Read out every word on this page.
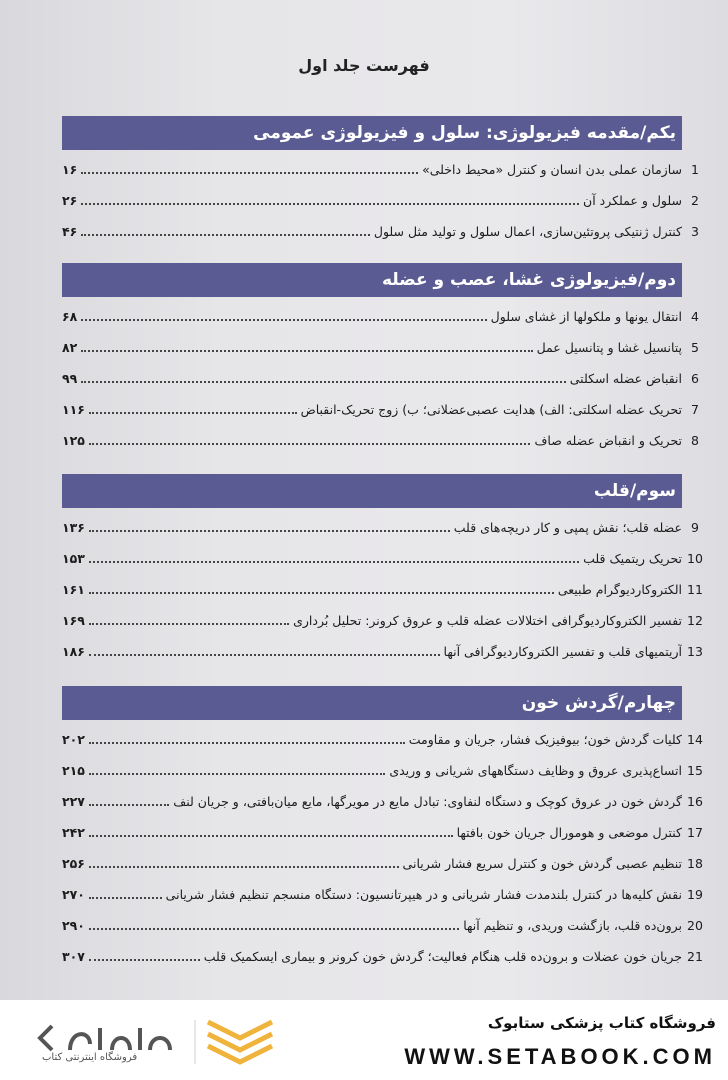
فهرست جلد اول
یکم/مقدمه فیزیولوژی: سلول و فیزیولوژی عمومی
1
سازمان عملی بدن انسان و کنترل «محیط داخلی»
۱۶
2
سلول و عملکرد آن
۲۶
3
کنترل ژنتیکی پروتئین‌سازی، اعمال سلول و تولید مثل سلول
۴۶
دوم/فیزیولوژی غشا، عصب و عضله
4
انتقال یونها و ملکولها از غشای سلول
۶۸
5
پتانسیل غشا و پتانسیل عمل
۸۲
6
انقباض عضله اسکلتی
۹۹
7
تحریک عضله اسکلتی: الف) هدایت عصبی‌عضلانی؛ ب) زوج تحریک-انقباض
۱۱۶
8
تحریک و انقباض عضله صاف
۱۲۵
سوم/قلب
9
عضله قلب؛ نقش پمپی و کار دریچه‌های قلب
۱۳۶
10
تحریک ریتمیک قلب
۱۵۳
11
الکتروکاردیوگرام طبیعی
۱۶۱
12
تفسیر الکتروکاردیوگرافی اختلالات عضله قلب و عروق کرونر: تحلیل بُرداری
۱۶۹
13
آریتمیهای قلب و تفسیر الکتروکاردیوگرافی آنها
۱۸۶
چهارم/گردش خون
14
کلیات گردش خون؛ بیوفیزیک فشار، جریان و مقاومت
۲۰۲
15
اتساع‌پذیری عروق و وظایف دستگاههای شریانی و وریدی
۲۱۵
16
گردش خون در عروق کوچک و دستگاه لنفاوی: تبادل مایع در مویرگها، مایع میان‌بافتی، و جریان لنف
۲۲۷
17
کنترل موضعی و هومورال جریان خون بافتها
۲۴۲
18
تنظیم عصبی گردش خون و کنترل سریع فشار شریانی
۲۵۶
19
نقش کلیه‌ها در کنترل بلندمدت فشار شریانی و در هیپرتانسیون: دستگاه منسجم تنظیم فشار شریانی
۲۷۰
20
برون‌ده قلب، بازگشت وریدی، و تنظیم آنها
۲۹۰
21
جریان خون عضلات و برون‌ده قلب هنگام فعالیت؛ گردش خون کرونر و بیماری ایسکمیک قلب
۳۰۷
فروشگاه اینترنتی کتاب
فروشگاه کتاب پزشکی ستابوک
WWW.SETABOOK.COM
